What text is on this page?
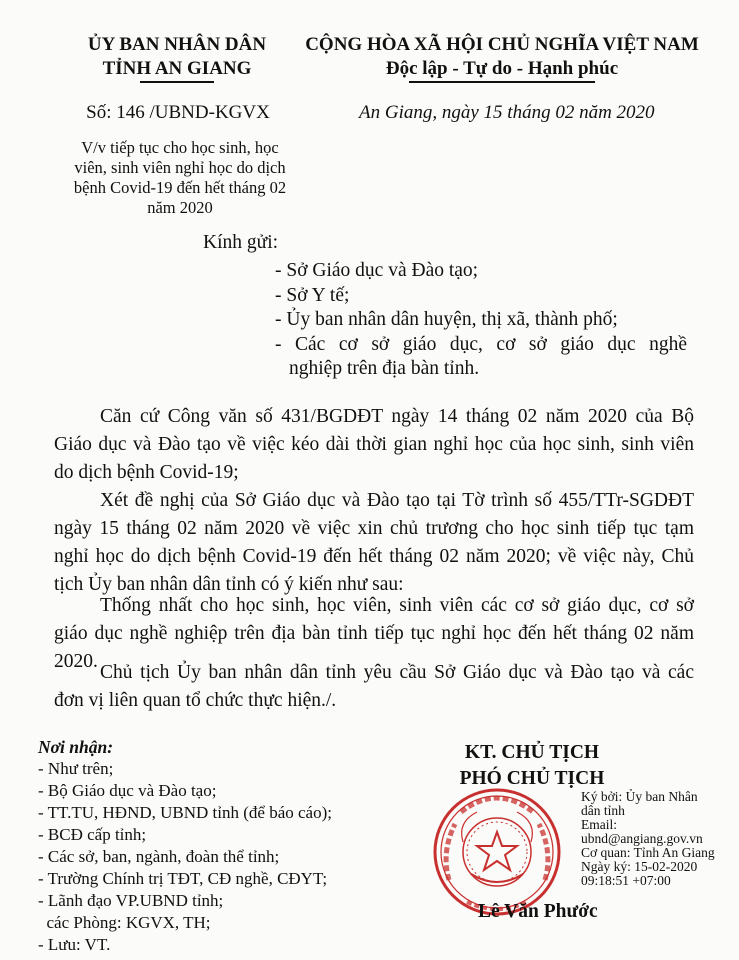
ỦY BAN NHÂN DÂN
TỈNH AN GIANG
CỘNG HÒA XÃ HỘI CHỦ NGHĨA VIỆT NAM
Độc lập - Tự do - Hạnh phúc
Số: 146 /UBND-KGVX	An Giang, ngày 15 tháng 02 năm 2020
V/v tiếp tục cho học sinh, học
viên, sinh viên nghỉ học do dịch
bệnh Covid-19 đến hết tháng 02
năm 2020
Kính gửi:
- Sở Giáo dục và Đào tạo;
- Sở Y tế;
- Ủy ban nhân dân huyện, thị xã, thành phố;
- Các cơ sở giáo dục, cơ sở giáo dục nghề
nghiệp trên địa bàn tỉnh.
Căn cứ Công văn số 431/BGDĐT ngày 14 tháng 02 năm 2020 của Bộ
Giáo dục và Đào tạo về việc kéo dài thời gian nghỉ học của học sinh, sinh viên
do dịch bệnh Covid-19;
Xét đề nghị của Sở Giáo dục và Đào tạo tại Tờ trình số 455/TTr-SGDĐT
ngày 15 tháng 02 năm 2020 về việc xin chủ trương cho học sinh tiếp tục tạm
nghỉ học do dịch bệnh Covid-19 đến hết tháng 02 năm 2020; về việc này, Chủ
tịch Ủy ban nhân dân tỉnh có ý kiến như sau:
Thống nhất cho học sinh, học viên, sinh viên các cơ sở giáo dục, cơ sở
giáo dục nghề nghiệp trên địa bàn tỉnh tiếp tục nghỉ học đến hết tháng 02 năm
2020.
Chủ tịch Ủy ban nhân dân tỉnh yêu cầu Sở Giáo dục và Đào tạo và các
đơn vị liên quan tổ chức thực hiện./.
Nơi nhận:
- Như trên;
- Bộ Giáo dục và Đào tạo;
- TT.TU, HĐND, UBND tỉnh (để báo cáo);
- BCĐ cấp tỉnh;
- Các sở, ban, ngành, đoàn thể tỉnh;
- Trường Chính trị TĐT, CĐ nghề, CĐYT;
- Lãnh đạo VP.UBND tỉnh;
các Phòng: KGVX, TH;
- Lưu: VT.
KT. CHỦ TỊCH
PHÓ CHỦ TỊCH
Ký bởi: Ủy ban Nhân
dân tỉnh
Email:
ubnd@angiang.gov.vn
Cơ quan: Tỉnh An Giang
Ngày ký: 15-02-2020
09:18:51 +07:00
Lê Văn Phước
